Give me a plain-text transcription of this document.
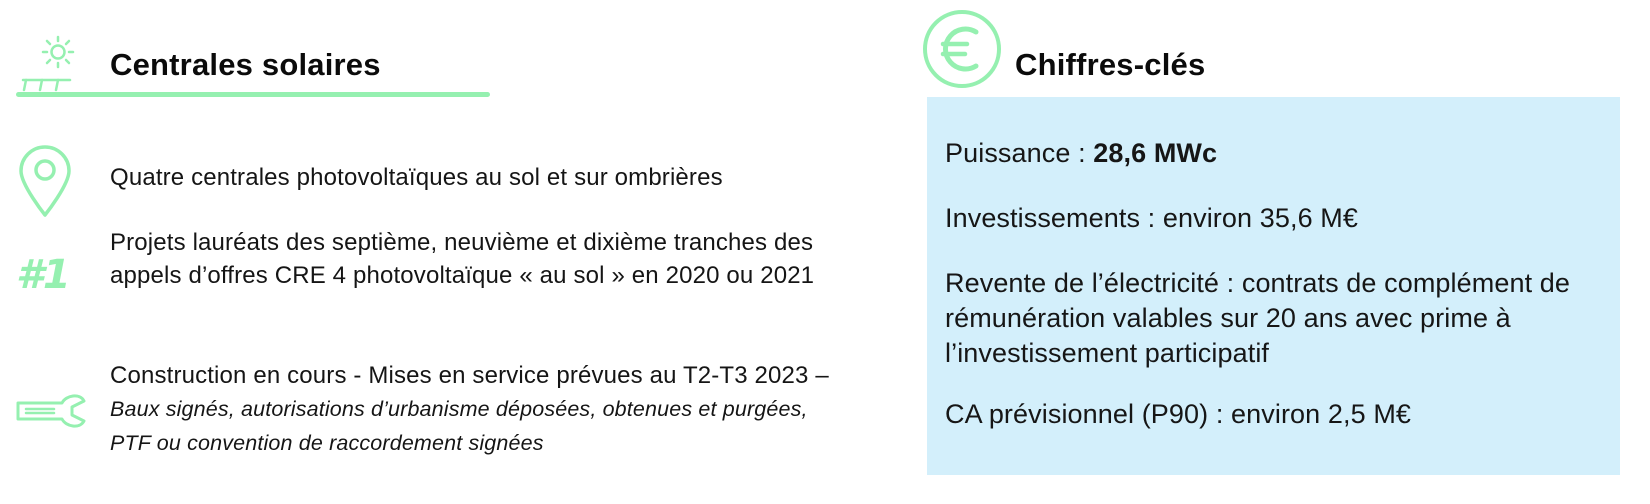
Centrales solaires
Quatre centrales photovoltaïques au sol et sur ombrières
#1
Projets lauréats des septième, neuvième et dixième tranches des appels d’offres CRE 4 photovoltaïque « au sol » en 2020 ou 2021
Construction en cours - Mises en service prévues au T2-T3 2023 – Baux signés, autorisations d’urbanisme déposées, obtenues et purgées, PTF ou convention de raccordement signées
Chiffres-clés

Puissance : 28,6 MWc

Investissements : environ 35,6 M€

Revente de l’électricité : contrats de complément de rémunération valables sur 20 ans avec prime à l’investissement participatif

CA prévisionnel (P90) : environ 2,5 M€
